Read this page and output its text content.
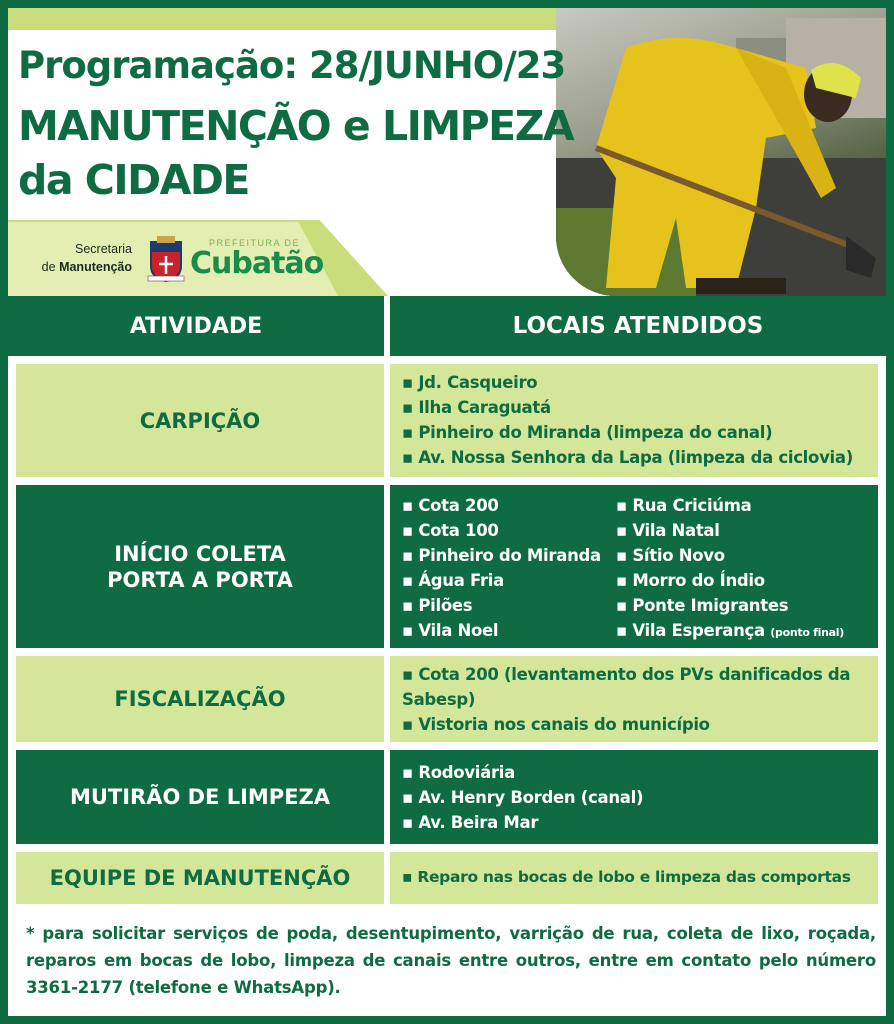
Programação: 28/JUNHO/23
MANUTENÇÃO e LIMPEZA
da CIDADE
Secretaria
de Manutenção
PREFEITURA DE
Cubatão
ATIVIDADE	LOCAIS ATENDIDOS
CARPIÇÃO
▪ Jd. Casqueiro
▪ Ilha Caraguatá
▪ Pinheiro do Miranda (limpeza do canal)
▪ Av. Nossa Senhora da Lapa (limpeza da ciclovia)
INÍCIO COLETA
PORTA A PORTA
▪ Cota 200
▪ Cota 100
▪ Pinheiro do Miranda
▪ Água Fria
▪ Pilões
▪ Vila Noel
▪ Rua Criciúma
▪ Vila Natal
▪ Sítio Novo
▪ Morro do Índio
▪ Ponte Imigrantes
▪ Vila Esperança (ponto final)
FISCALIZAÇÃO
▪ Cota 200 (levantamento dos PVs danificados da Sabesp)
▪ Vistoria nos canais do município
MUTIRÃO DE LIMPEZA
▪ Rodoviária
▪ Av. Henry Borden (canal)
▪ Av. Beira Mar
EQUIPE DE MANUTENÇÃO
▪	Reparo nas bocas de lobo e limpeza das comportas
* para solicitar serviços de poda, desentupimento, varrição de rua, coleta de lixo, roçada, reparos em bocas de lobo, limpeza de canais entre outros, entre em contato pelo número 3361-2177 (telefone e WhatsApp).
